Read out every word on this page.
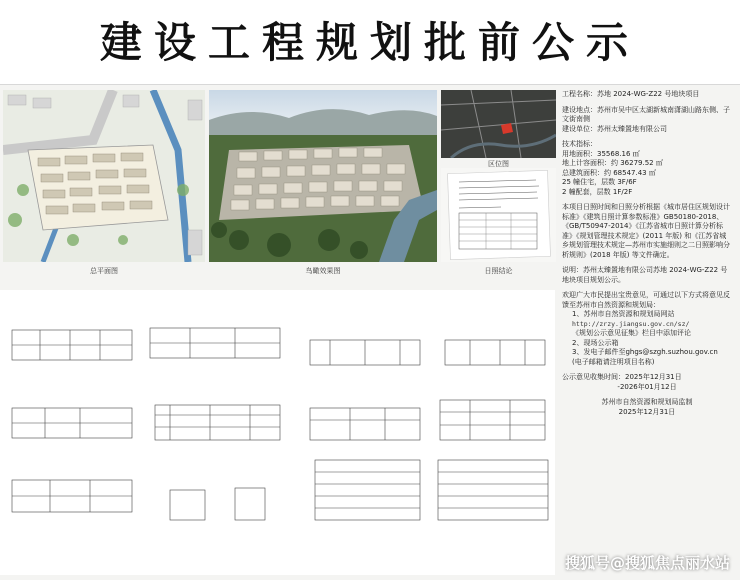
建设工程规划批前公示
总平面图	鸟瞰效果图
区位图
日照结论

工程名称：苏地 2024-WG-Z22 号地块项目

建设地点：苏州市吴中区太湖新城南潇湖山路东侧、子文街南侧

建设单位：苏州太臻置地有限公司

技术指标：

用地面积：35568.16 ㎡

地上计容面积：约 36279.52 ㎡

总建筑面积：约 68547.43 ㎡

25 幢住宅，层数 3F/6F

2 幢配套，层数 1F/2F

本项目日照时间和日照分析根据《城市居住区规划设计标准》《建筑日照计算参数标准》GB50180-2018、《GB/T50947-2014》《江苏省城市日照计算分析标准》《规划管理技术规定》(2011 年版) 和《江苏省城乡规划管理技术规定—苏州市实施细则之二日照影响分析规则》(2018 年版) 等文件确定。

说明：苏州太臻置地有限公司苏地 2024-WG-Z22 号地块项目规划公示。

欢迎广大市民提出宝贵意见，可通过以下方式将意见反馈至苏州市自然资源和规划局：

1、苏州市自然资源和规划局网站

http://zrzy.jiangsu.gov.cn/sz/

《规划公示意见征集》栏目中添加评论

2、现场公示箱

3、发电子邮件至ghgs@szgh.suzhou.gov.cn

(电子邮箱请注明项目名称)

公示意见收集时间：2025年12月31日

-2026年01月12日

苏州市自然资源和规划局监制

2025年12月31日

搜狐号@搜狐焦点丽水站
